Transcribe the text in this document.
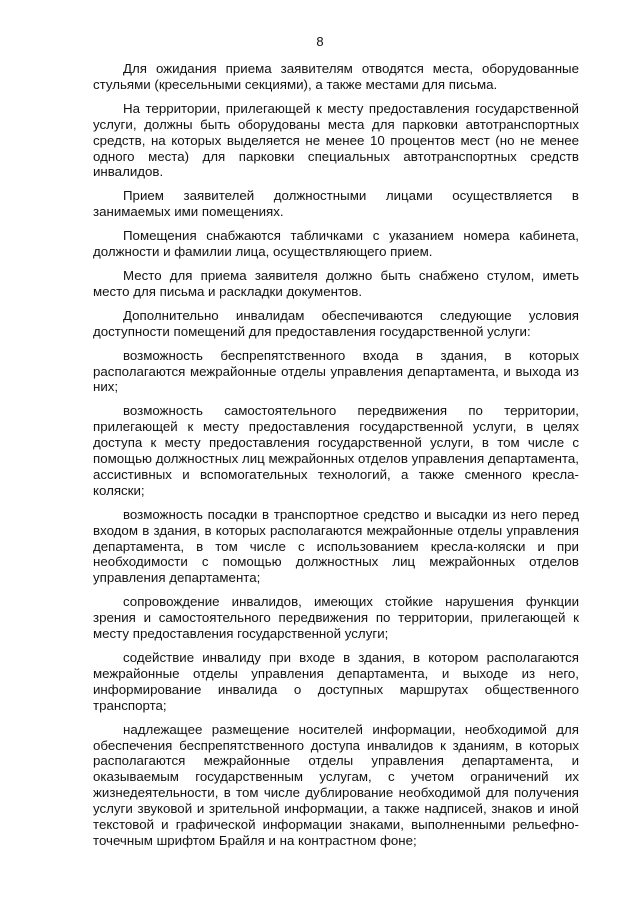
8

Для ожидания приема заявителям отводятся места, оборудованные стульями (кресельными секциями), а также местами для письма.

На территории, прилегающей к месту предоставления государственной услуги, должны быть оборудованы места для парковки автотранспортных средств, на которых выделяется не менее 10 процентов мест (но не менее одного места) для парковки специальных автотранспортных средств инвалидов.

Прием заявителей должностными лицами осуществляется в занимаемых ими помещениях.

Помещения снабжаются табличками с указанием номера кабинета, должности и фамилии лица, осуществляющего прием.

Место для приема заявителя должно быть снабжено стулом, иметь место для письма и раскладки документов.

Дополнительно инвалидам обеспечиваются следующие условия доступности помещений для предоставления государственной услуги:

возможность беспрепятственного входа в здания, в которых располагаются межрайонные отделы управления департамента, и выхода из них;

возможность самостоятельного передвижения по территории, прилегающей к месту предоставления государственной услуги, в целях доступа к месту предоставления государственной услуги, в том числе с помощью должностных лиц межрайонных отделов управления департамента, ассистивных и вспомогательных технологий, а также сменного кресла-коляски;

возможность посадки в транспортное средство и высадки из него перед входом в здания, в которых располагаются межрайонные отделы управления департамента, в том числе с использованием кресла-коляски и при необходимости с помощью должностных лиц межрайонных отделов управления департамента;

сопровождение инвалидов, имеющих стойкие нарушения функции зрения и самостоятельного передвижения по территории, прилегающей к месту предоставления государственной услуги;

содействие инвалиду при входе в здания, в котором располагаются межрайонные отделы управления департамента, и выходе из него, информирование инвалида о доступных маршрутах общественного транспорта;

надлежащее размещение носителей информации, необходимой для обеспечения беспрепятственного доступа инвалидов к зданиям, в которых располагаются межрайонные отделы управления департамента, и оказываемым государственным услугам, с учетом ограничений их жизнедеятельности, в том числе дублирование необходимой для получения услуги звуковой и зрительной информации, а также надписей, знаков и иной текстовой и графической информации знаками, выполненными рельефно-точечным шрифтом Брайля и на контрастном фоне;
